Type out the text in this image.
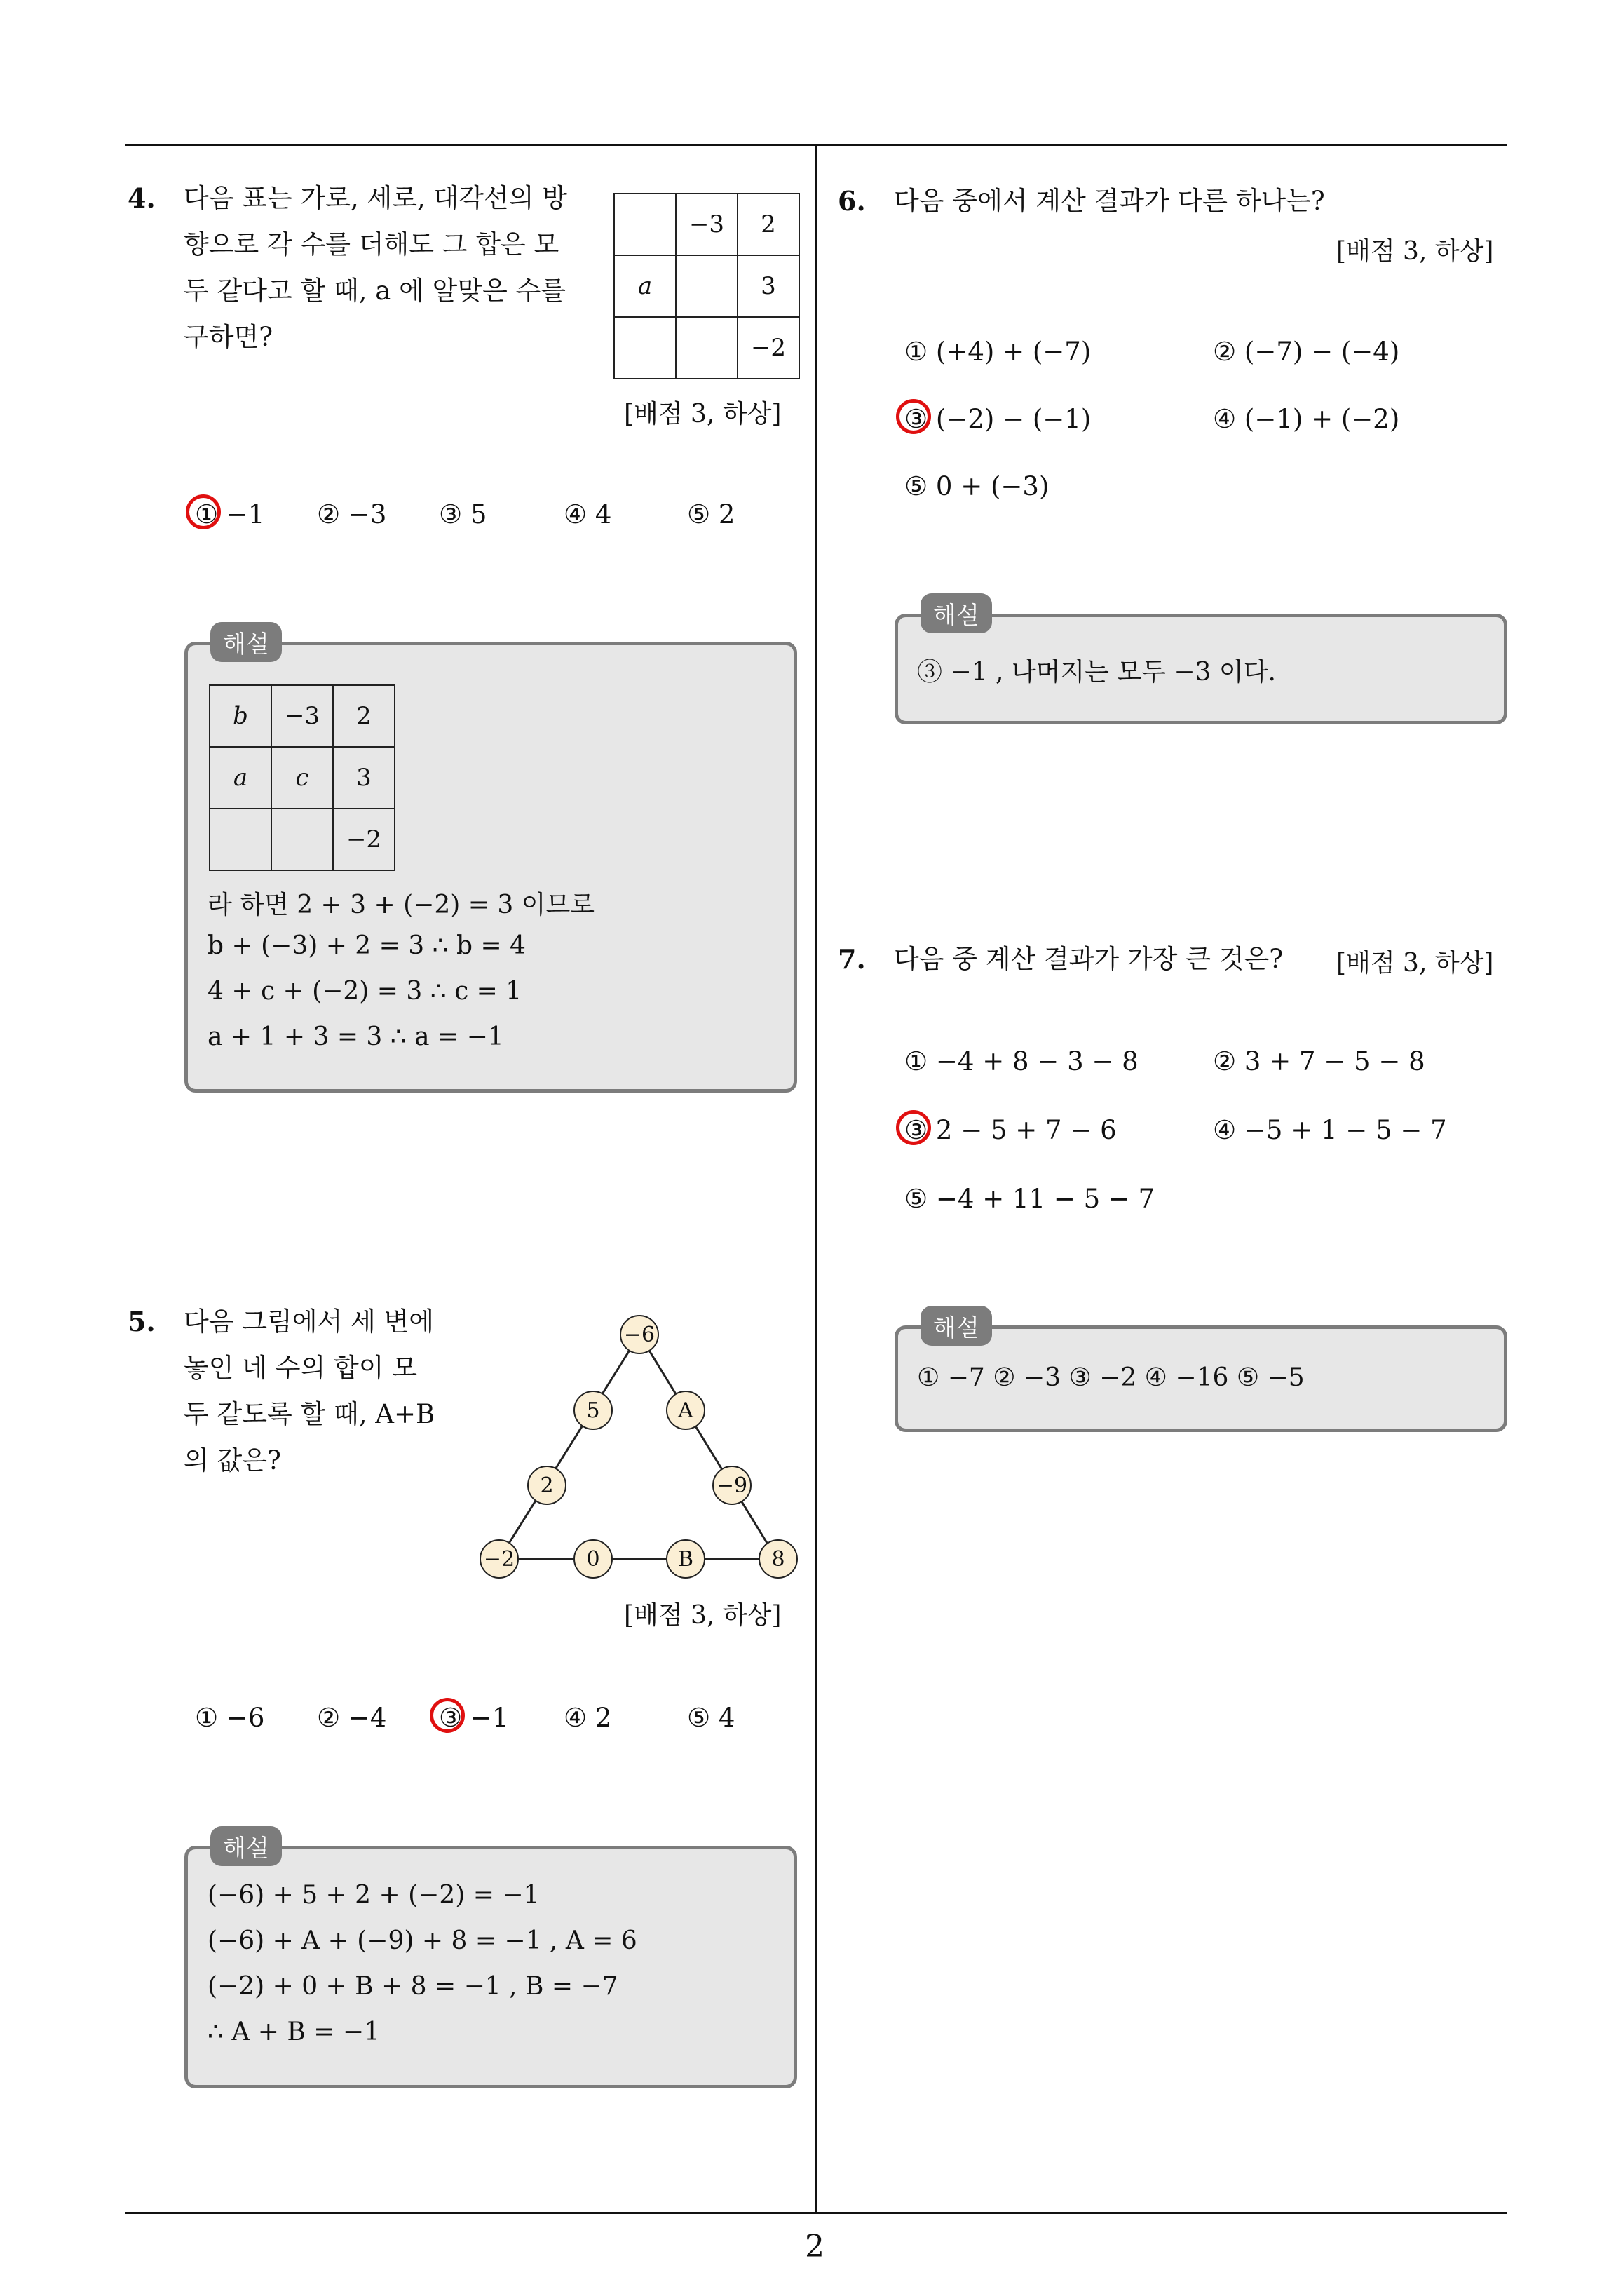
4. 다음 표는 가로, 세로, 대각선의 방
향으로 각 수를 더해도 그 합은 모
두 같다고 할 때, a 에 알맞은 수를
구하면?
	−3	2
a		3
		−2
[배점 3, 하상]
① −1 ② −3 ③ 5	④ 4	⑤ 2
해설
b	−3	2
a	c	3
		−2
라 하면 2 + 3 + (−2) = 3 이므로
b + (−3) + 2 = 3 ∴ b = 4
4 + c + (−2) = 3 ∴ c = 1
a + 1 + 3 = 3 ∴ a = −1
5. 다음 그림에서 세 변에
놓인 네 수의 합이 모
두 같도록 할 때, A+B
의 값은?
−6
5	A
2	−9
−2	0	B	8
[배점 3, 하상]
① −6 ② −4 ③ −1 ④ 2	⑤ 4
해설
(−6) + 5 + 2 + (−2) = −1
(−6) + A + (−9) + 8 = −1 , A = 6
(−2) + 0 + B + 8 = −1 , B = −7
∴ A + B = −1
6. 다음 중에서 계산 결과가 다른 하나는?
[배점 3, 하상]
① (+4) + (−7)	② (−7) − (−4)
③ (−2) − (−1)	④ (−1) + (−2)
⑤ 0 + (−3)
해설
③ −1 , 나머지는 모두 −3 이다.
7. 다음 중 계산 결과가 가장 큰 것은? [배점 3, 하상]
① −4 + 8 − 3 − 8	② 3 + 7 − 5 − 8
③ 2 − 5 + 7 − 6	④ −5 + 1 − 5 − 7
⑤ −4 + 11 − 5 − 7
해설
① −7 ② −3 ③ −2 ④ −16 ⑤ −5
2
